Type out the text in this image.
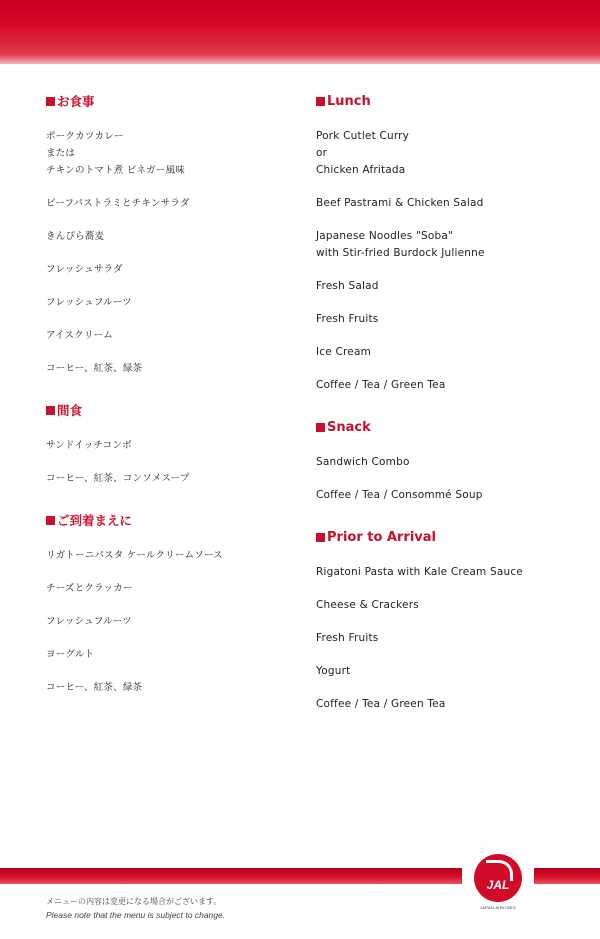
お食事
ポークカツカレー
または
チキンのトマト煮 ビネガー風味
ビーフパストラミとチキンサラダ
きんぴら蕎麦
フレッシュサラダ
フレッシュフルーツ
アイスクリーム
コーヒー、紅茶、緑茶
間食
サンドイッチコンボ
コーヒー、紅茶、コンソメスープ
ご到着まえに
リガトーニパスタ ケールクリームソース
チーズとクラッカー
フレッシュフルーツ
ヨーグルト
コーヒー、紅茶、緑茶
Lunch
Pork Cutlet Curry
or
Chicken Afritada
Beef Pastrami & Chicken Salad
Japanese Noodles "Soba"
with Stir-fried Burdock Julienne
Fresh Salad
Fresh Fruits
Ice Cream
Coffee / Tea / Green Tea
Snack
Sandwich Combo
Coffee / Tea / Consommé Soup
Prior to Arrival
Rigatoni Pasta with Kale Cream Sauce
Cheese & Crackers
Fresh Fruits
Yogurt
Coffee / Tea / Green Tea
JAL
JAPAN AIRLINES
メニューの内容は変更になる場合がございます。
Please note that the menu is subject to change.
